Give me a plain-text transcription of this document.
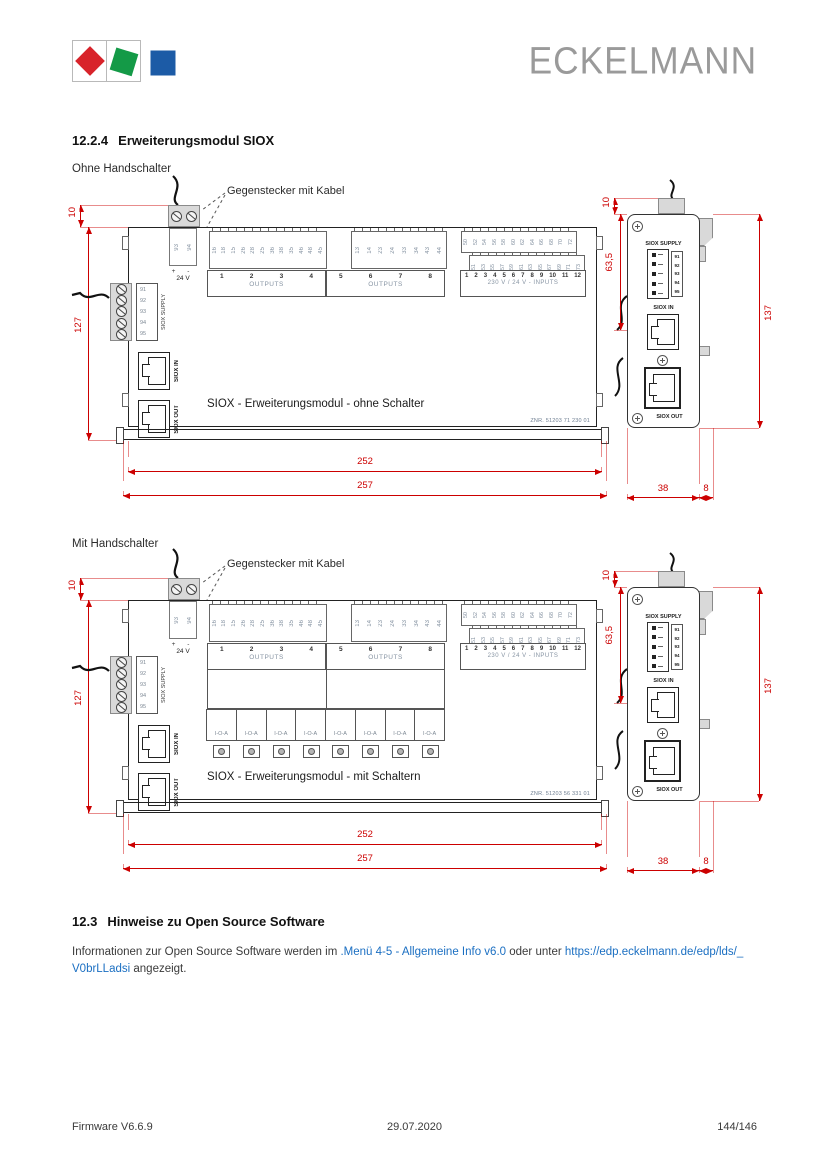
ECKELMANN
12.2.4 Erweiterungsmodul SIOX
Ohne Handschalter
Gegenstecker mit Kabel
10
127
93 94
+ -
24 V
16 18 15 26 28 25 36 38 35 46 48 45	13 14 23 24 33 34 43 44
50 52 54 56 58 60 62 64 66 68 70 72
51 53 55 57 59 61 63 65 67 69 71 73
91
92
93
94
95
SIOX SUPPLY
SIOX IN
SIOX OUT
1	2	3	4
OUTPUTS
5	6	7	8
OUTPUTS
1 2 3 4 5 6 7 8 9 10 11 12
230 V / 24 V - INPUTS
SIOX - Erweiterungsmodul - ohne Schalter
ZNR. 51203 71 230 01
252
257
SIOX SUPPLY
91
92
93
94
95
SIOX IN
SIOX OUT
10
63,5
137
38	8
Mit Handschalter
Gegenstecker mit Kabel
10
127
93 94
+ -
24 V
16 18 15 26 28 25 36 38 35 46 48 45	13 14 23 24 33 34 43 44
50 52 54 56 58 60 62 64 66 68 70 72
51 53 55 57 59 61 63 65 67 69 71 73
91
92
93
94
95
SIOX SUPPLY
SIOX IN
SIOX OUT
1	2	3	4
OUTPUTS
5	6	7	8
OUTPUTS
1 2 3 4 5 6 7 8 9 10 11 12
230 V / 24 V - INPUTS
I-O-A	I-O-A	I-O-A	I-O-A	I-O-A	I-O-A	I-O-A	I-O-A
SIOX - Erweiterungsmodul - mit Schaltern
ZNR. 51203 56 331 01
252
257
SIOX SUPPLY
91
92
93
94
95
SIOX IN
SIOX OUT
10
63,5
137
38	8
12.3 Hinweise zu Open Source Software
Informationen zur Open Source Software werden im .Menü 4-5 - Allgemeine Info v6.0 oder unter https://edp.eckelmann.de/edp/lds/_V0brLLadsi angezeigt.
Firmware V6.6.9	29.07.2020	144/146
